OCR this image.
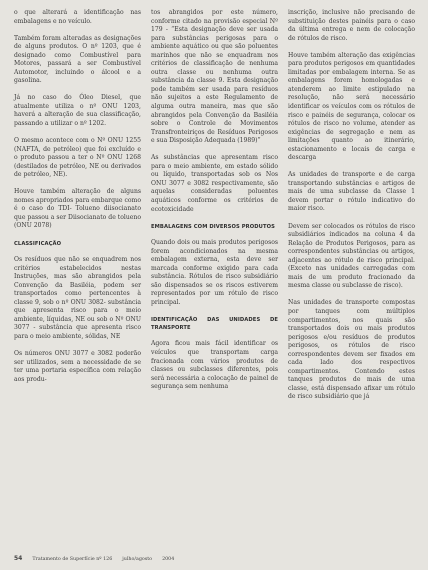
o que alterará a identificação nas embalagens e no veículo.

Também foram alteradas as designações de alguns produtos. O nº 1203, que é designado como Combustível para Motores, passará a ser Combustível Automotor, incluindo o álcool e a gasolina.

Já no caso do Óleo Diesel, que atualmente utiliza o nº ONU 1203, haverá a alteração de sua classificação, passando a utilizar o nº 1202.

O mesmo acontece com o Nº ONU 1255 (NAFTA, de petróleo) que foi excluído e o produto passou a ter o Nº ONU 1268 (destilados de petróleo, NE ou derivados de petróleo, NE).

Houve também alteração de alguns nomes apropriados para embarque como é o caso do TDI- Tolueno diisocianato que passou a ser Diisocianato de tolueno (ONU 2078)

CLASSIFICAÇÃO

Os resíduos que não se enquadrem nos critérios estabelecidos nestas Instruções, mas são abrangidos pela Convenção da Basiléia, podem ser transportados como pertencentes à classe 9, sob o nº ONU 3082- substância que apresenta risco para o meio ambiente, líquidas, NE ou sob o Nº ONU 3077 - substância que apresenta risco para o meio ambiente, sólidas, NE

Os números ONU 3077 e 3082 poderão ser utilizados, sem a necessidade de se ter uma portaria específica com relação aos produ-

tos abrangidos por este número, conforme citado na provisão especial Nº 179 - “Esta designação deve ser usada para substâncias perigosas para o ambiente aquático ou que são poluentes marinhos que não se enquadram nos critérios de classificação de nenhuma outra classe ou nenhuma outra substância da classe 9. Esta designação pode também ser usada para resíduos não sujeitos a este Regulamento de alguma outra maneira, mas que são abrangidos pela Convenção da Basiléia sobre o Controle de Movimentos Transfronteiriços de Resíduos Perigosos e sua Disposição Adequada (1989)”

As substâncias que apresentam risco para o meio ambiente, em estado sólido ou líquido, transportadas sob os Nos ONU 3077 e 3082 respectivamente, são aquelas consideradas poluentes aquáticos conforme os critérios de ecotoxicidade

EMBALAGENS COM DIVERSOS PRODUTOS

Quando dois ou mais produtos perigosos forem acondicionados na mesma embalagem externa, esta deve ser marcada conforme exigido para cada substância. Rótulos de risco subsidiário são dispensados se os riscos estiverem representados por um rótulo de risco principal.

IDENTIFICAÇÃO DAS UNIDADES DE TRANSPORTE

Agora ficou mais fácil identificar os veículos que transportam carga fracionada com vários produtos de classes ou subclasses diferentes, pois será necessária a colocação de painel de segurança sem nenhuma

inscrição, inclusive não precisando de substituição destes painéis para o caso da última entrega e nem de colocação de rótulos de risco.

Houve também alteração das exigências para produtos perigosos em quantidades limitadas por embalagem interna. Se as embalagens forem homologadas e atenderem ao limite estipulado na resolução, não será necessário identificar os veículos com os rótulos de risco e painéis de segurança, colocar os rótulos de risco no volume, atender as exigências de segregação e nem as limitações quanto ao itinerário, estacionamento e locais de carga e descarga

As unidades de transporte e de carga transportando substâncias e artigos de mais de uma subclasse da Classe 1 devem portar o rótulo indicativo do maior risco.

Devem ser colocados os rótulos de risco subsidiários indicados na coluna 4 da Relação de Produtos Perigosos, para as correspondentes substâncias ou artigos, adjacentes ao rótulo de risco principal.(Exceto nas unidades carregadas com mais de um produto fracionado da mesma classe ou subclasse de risco).

Nas unidades de transporte compostas por tanques com múltiplos compartimentos, nos quais são transportados dois ou mais produtos perigosos e/ou resíduos de produtos perigosos, os rótulos de risco correspondentes devem ser fixados em cada lado dos respectivos compartimentos. Contendo estes tanques produtos de mais de uma classe, está dispensado afixar um rótulo de risco subsidiário que já

54 Tratamento de Superfície nº 126 julho/agosto 2004
